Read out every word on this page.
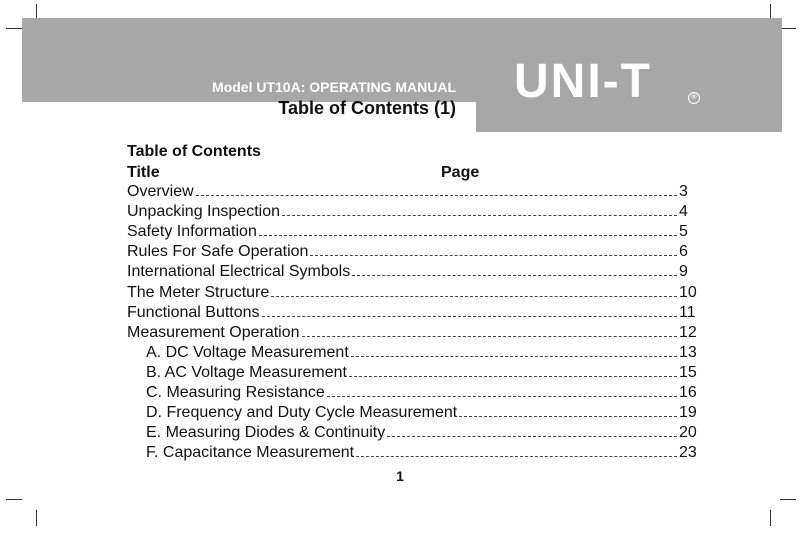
UNI-T	®
Model UT10A: OPERATING MANUAL
Table of Contents (1)
Table of Contents
Title	Page
Overview	3
Unpacking Inspection	4
Safety Information	5
Rules For Safe Operation	6
International Electrical Symbols	9
The Meter Structure	10
Functional Buttons	11
Measurement Operation	12
A. DC Voltage Measurement	13
B. AC Voltage Measurement	15
C. Measuring Resistance	16
D. Frequency and Duty Cycle Measurement	19
E. Measuring Diodes & Continuity	20
F. Capacitance Measurement	23
1
